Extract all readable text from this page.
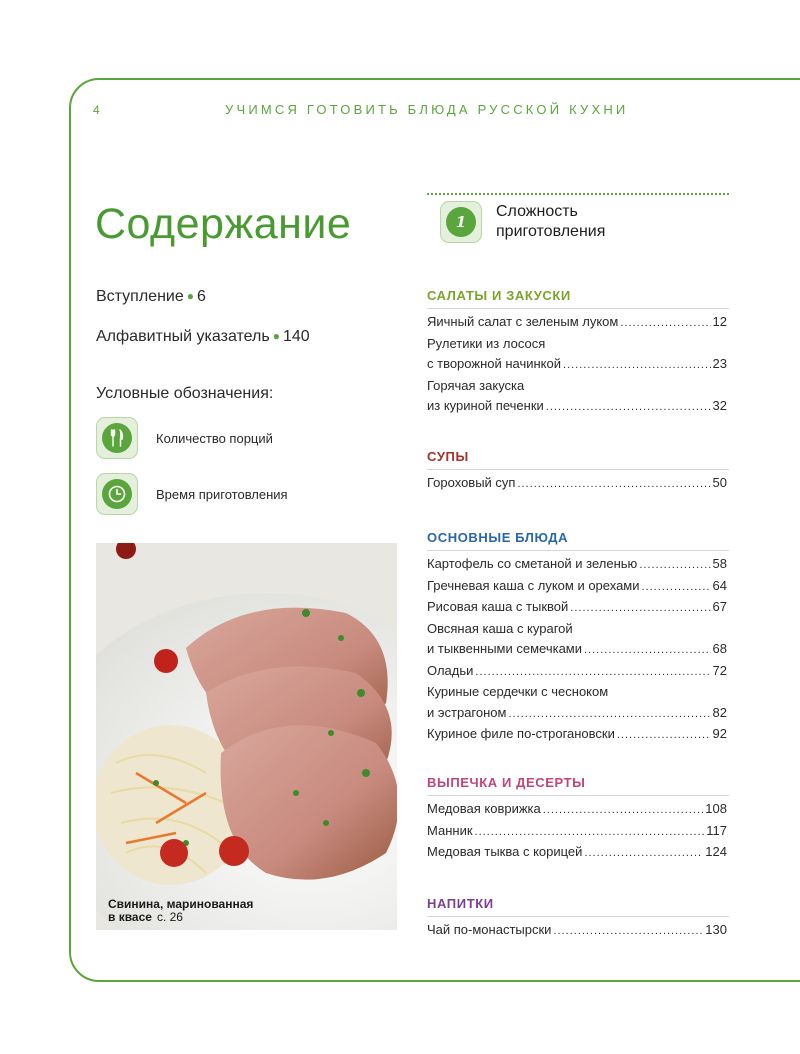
4	УЧИМСЯ ГОТОВИТЬ БЛЮДА РУССКОЙ КУХНИ
Содержание
Вступление ● 6
Алфавитный указатель ● 140
Условные обозначения:
Количество порций
Время приготовления
Свинина, маринованная
в квасе с. 26
1
Сложность
приготовления
САЛАТЫ И ЗАКУСКИ
Яичный салат с зеленым луком .....	12
Рулетики из лосося
с творожной начинкой .....	23
Горячая закуска
из куриной печенки .....	32
СУПЫ
Гороховый суп .....	50
ОСНОВНЫЕ БЛЮДА
Картофель со сметаной и зеленью .....	58
Гречневая каша с луком и орехами .....	64
Рисовая каша с тыквой .....	67
Овсяная каша с курагой
и тыквенными семечками .....	68
Оладьи .....	72
Куриные сердечки с чесноком
и эстрагоном .....	82
Куриное филе по-строгановски .....	92
ВЫПЕЧКА И ДЕСЕРТЫ
Медовая коврижка .....	108
Манник .....	117
Медовая тыква с корицей .....	124
НАПИТКИ
Чай по-монастырски .....	130
